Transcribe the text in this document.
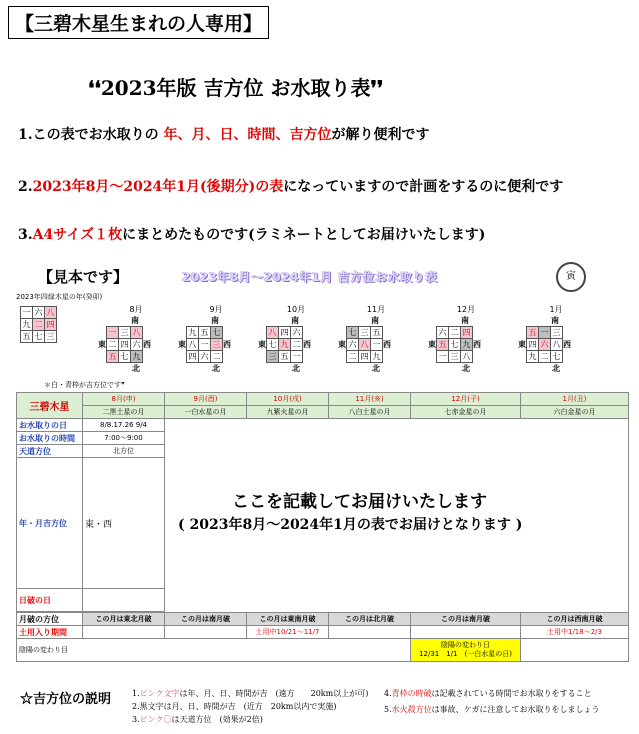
【三碧木星生まれの人専用】
❛❛2023年版 吉方位 お水取り表❜❜
1.この表でお水取りの 年、月、日、時間、吉方位が解り便利です
2.2023年8月～2024年1月(後期分)の表になっていますので計画をするのに便利です
3.A4サイズ１枚にまとめたものです(ラミネートとしてお届けいたします)
【見本です】	2023年8月～2024年1月 吉方位お水取り表	寅
2023年四緑木星の年(癸卯)
一	六	八
九	二	四
五	七	三
8月
南
東
一	三	八
二	四	六
五	七	九
西
北
9月
南
東
九	五	七
八	一	三
四	六	二
西
北
10月
南
東
八	四	六
七	九	二
三	五	一
西
北
11月
南
東
七	三	五
六	八	一
二	四	九
西
北
12月
南
東
六	二	四
五	七	九
一	三	八
西
北
1月
南
東
五	一	三
四	六	八
九	二	七
西
北
＊白・青枠が吉方位です❞
三碧木星	8月(申)	9月(酉)	10月(戌)	11月(亥)	12月(子)	1月(丑)
	二黒土星の月	一白水星の月	九紫火星の月	八白土星の月	七赤金星の月	六白金星の月
お水取りの日	8/8.17.26 9/4					
お水取りの時間	7:00～9:00					
天道方位	北方位					
年・月吉方位	東・西					
日破の日						

月破の方位	この月は東北月破	この月は南月破	この月は東南月破	この月は北月破	この月は南月破	この月は西南月破
土用入り期間			土用中10/21～11/7			土用中1/18～2/3
陰陽の変わり目					陰陽の変わり日
12/31　1/1　(一白水星の日)	

ここを記載してお届けいたします
( 2023年8月～2024年1月の表でお届けとなります )
☆吉方位の説明	1.ピンク文字は年、月、日、時間が吉　(遠方　　20km以上が可)
2.黒文字は月、日、時間が吉　(近方　20km以内で実施)
3.ピンク〇は天道方位　(効果が2倍)
4.青枠の時破は記載されている時間でお水取りをすること
5.水火殺方位は事故、ケガに注意してお水取りをしましょう
